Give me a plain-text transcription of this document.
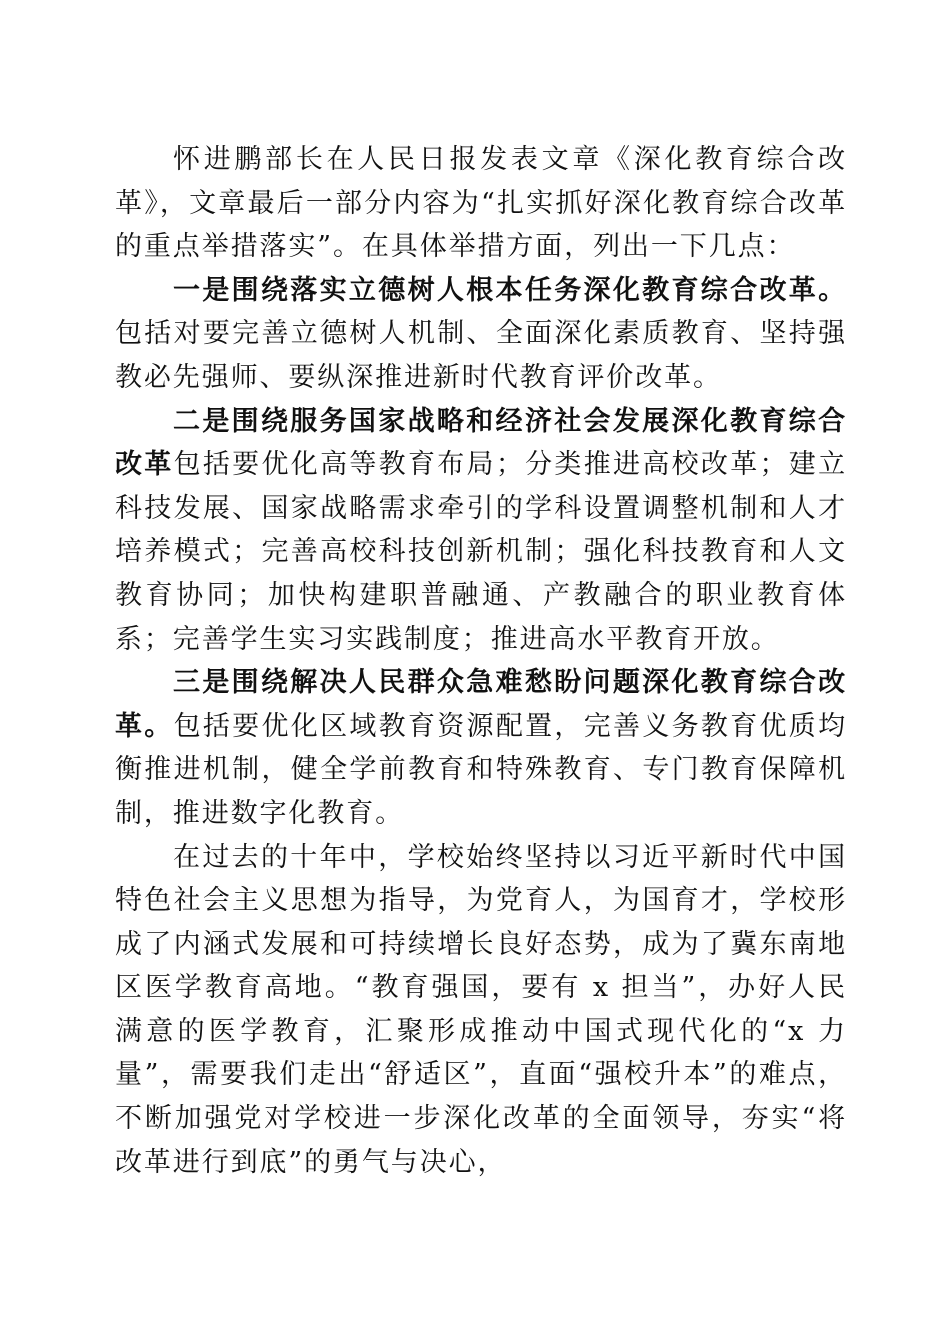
怀进鹏部长在人民日报发表文章《深化教育综合改革》，文章最后一部分内容为“扎实抓好深化教育综合改革的重点举措落实”。在具体举措方面，列出一下几点：

一是围绕落实立德树人根本任务深化教育综合改革。包括对要完善立德树人机制、全面深化素质教育、坚持强教必先强师、要纵深推进新时代教育评价改革。

二是围绕服务国家战略和经济社会发展深化教育综合改革包括要优化高等教育布局；分类推进高校改革；建立科技发展、国家战略需求牵引的学科设置调整机制和人才培养模式；完善高校科技创新机制；强化科技教育和人文教育协同；加快构建职普融通、产教融合的职业教育体系；完善学生实习实践制度；推进高水平教育开放。

三是围绕解决人民群众急难愁盼问题深化教育综合改革。包括要优化区域教育资源配置，完善义务教育优质均衡推进机制，健全学前教育和特殊教育、专门教育保障机制，推进数字化教育。

在过去的十年中，学校始终坚持以习近平新时代中国特色社会主义思想为指导，为党育人，为国育才，学校形成了内涵式发展和可持续增长良好态势，成为了冀东南地区医学教育高地。“教育强国，要有 x 担当”，办好人民满意的医学教育，汇聚形成推动中国式现代化的“x 力量”，需要我们走出“舒适区”，直面“强校升本”的难点，不断加强党对学校进一步深化改革的全面领导，夯实“将改革进行到底”的勇气与决心，
